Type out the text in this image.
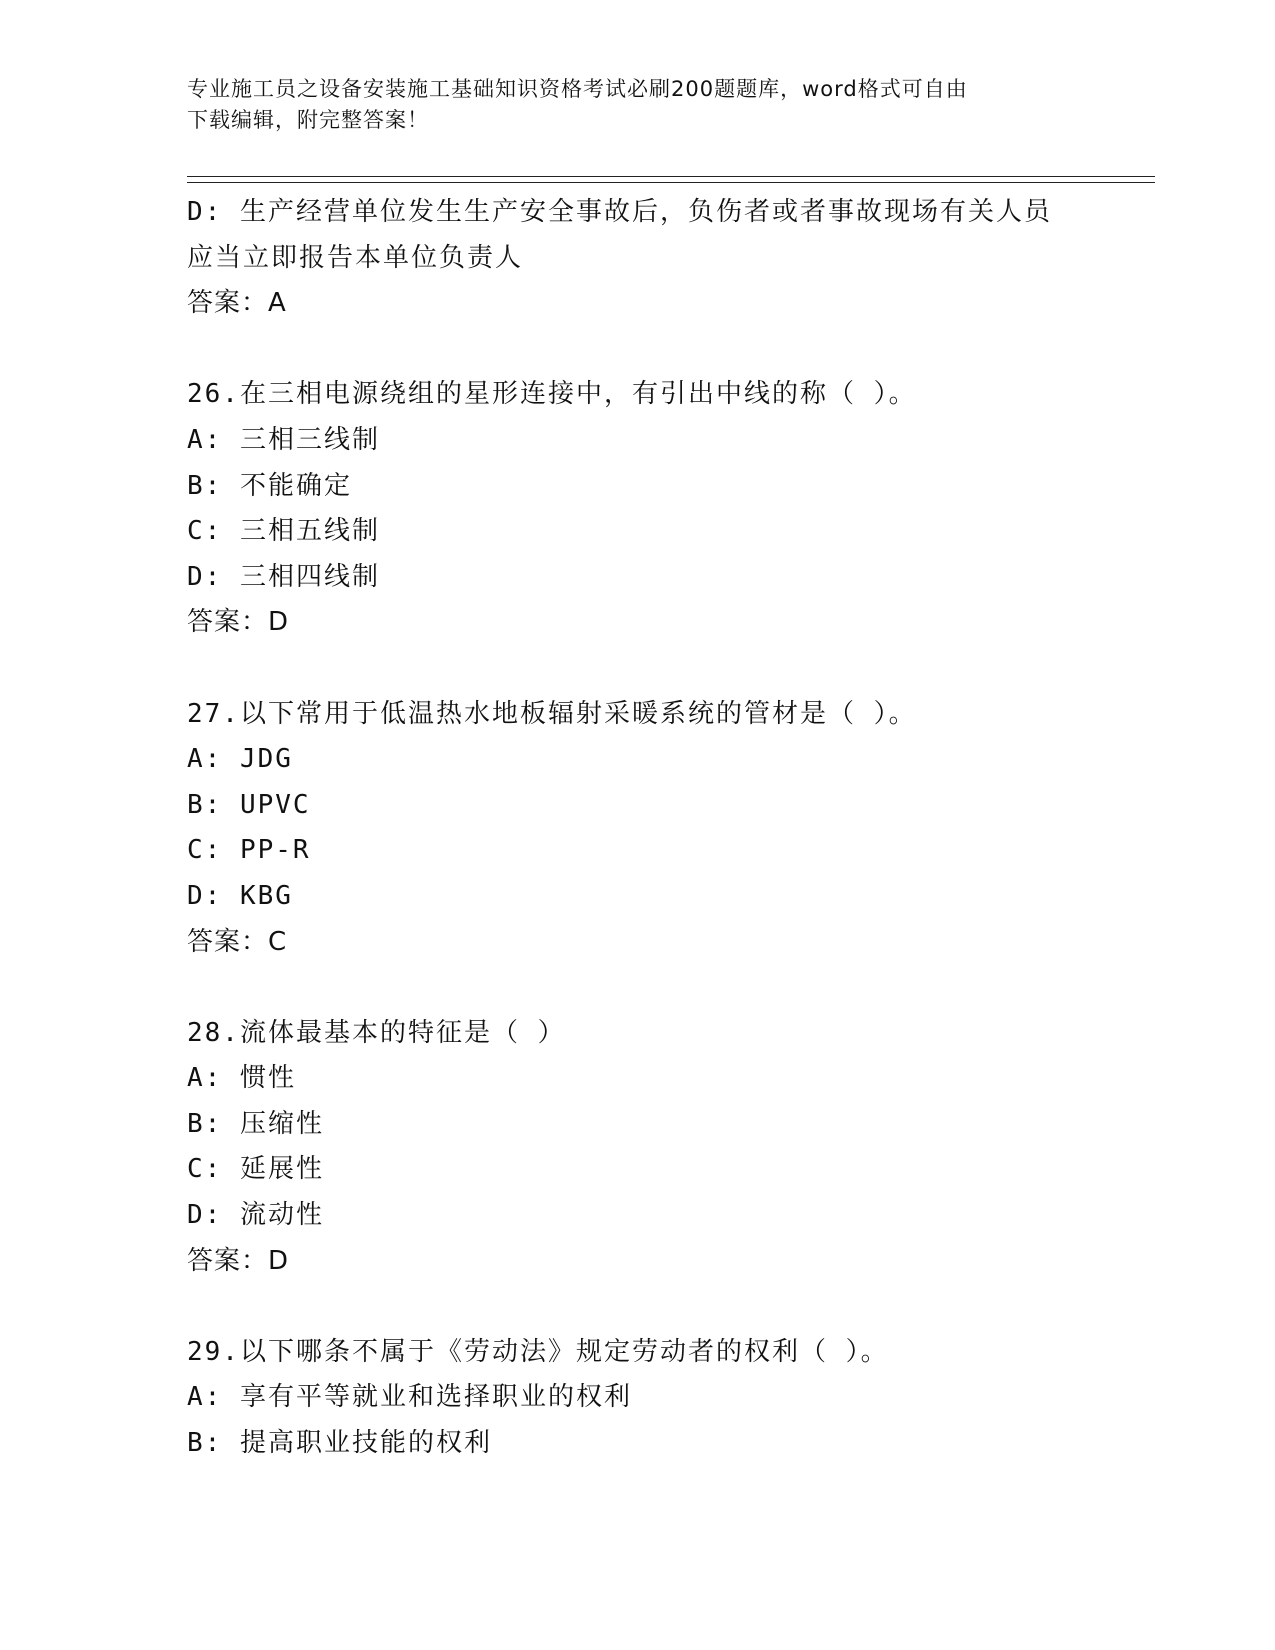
专业施工员之设备安装施工基础知识资格考试必刷200题题库，word格式可自由
下载编辑，附完整答案！
D: 生产经营单位发生生产安全事故后，负伤者或者事故现场有关人员
应当立即报告本单位负责人
答案：A
26.在三相电源绕组的星形连接中，有引出中线的称（ ）。
A: 三相三线制
B: 不能确定
C: 三相五线制
D: 三相四线制
答案：D
27.以下常用于低温热水地板辐射采暖系统的管材是（ ）。
A: JDG
B: UPVC
C: PP-R
D: KBG
答案：C
28.流体最基本的特征是（ ）
A: 惯性
B: 压缩性
C: 延展性
D: 流动性
答案：D
29.以下哪条不属于《劳动法》规定劳动者的权利（ ）。
A: 享有平等就业和选择职业的权利
B: 提高职业技能的权利
